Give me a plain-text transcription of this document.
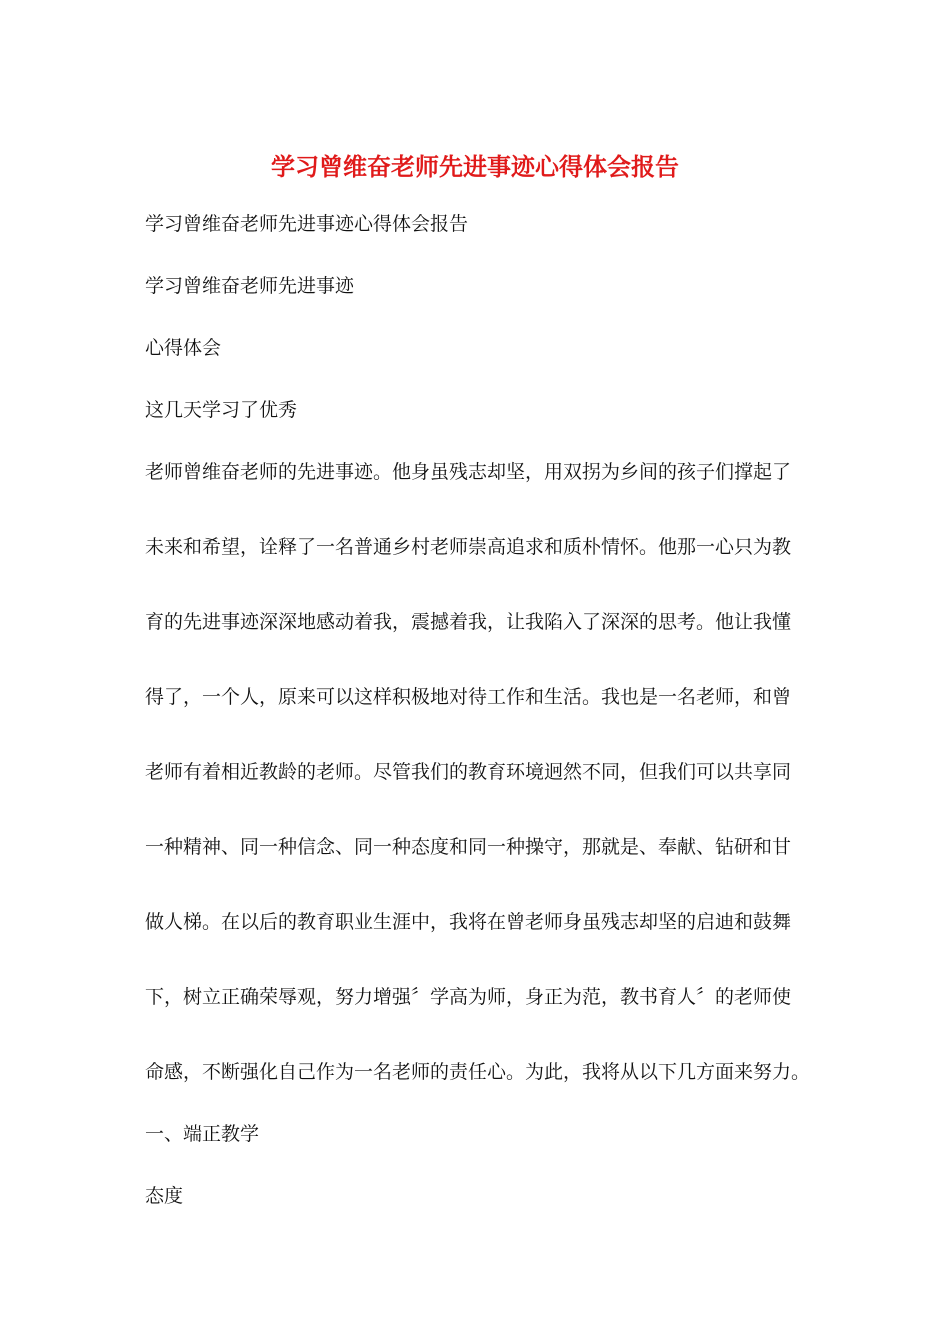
学习曾维奋老师先进事迹心得体会报告

学习曾维奋老师先进事迹心得体会报告

学习曾维奋老师先进事迹

心得体会

这几天学习了优秀

老师曾维奋老师的先进事迹。他身虽残志却坚，用双拐为乡间的孩子们撑起了

未来和希望，诠释了一名普通乡村老师崇高追求和质朴情怀。他那一心只为教

育的先进事迹深深地感动着我，震撼着我，让我陷入了深深的思考。他让我懂

得了，一个人，原来可以这样积极地对待工作和生活。我也是一名老师，和曾

老师有着相近教龄的老师。尽管我们的教育环境迥然不同，但我们可以共享同

一种精神、同一种信念、同一种态度和同一种操守，那就是、奉献、钻研和甘

做人梯。在以后的教育职业生涯中，我将在曾老师身虽残志却坚的启迪和鼓舞

下，树立正确荣辱观，努力增强〞学高为师，身正为范，教书育人〞的老师使

命感，不断强化自己作为一名老师的责任心。为此，我将从以下几方面来努力。

一、端正教学

态度
